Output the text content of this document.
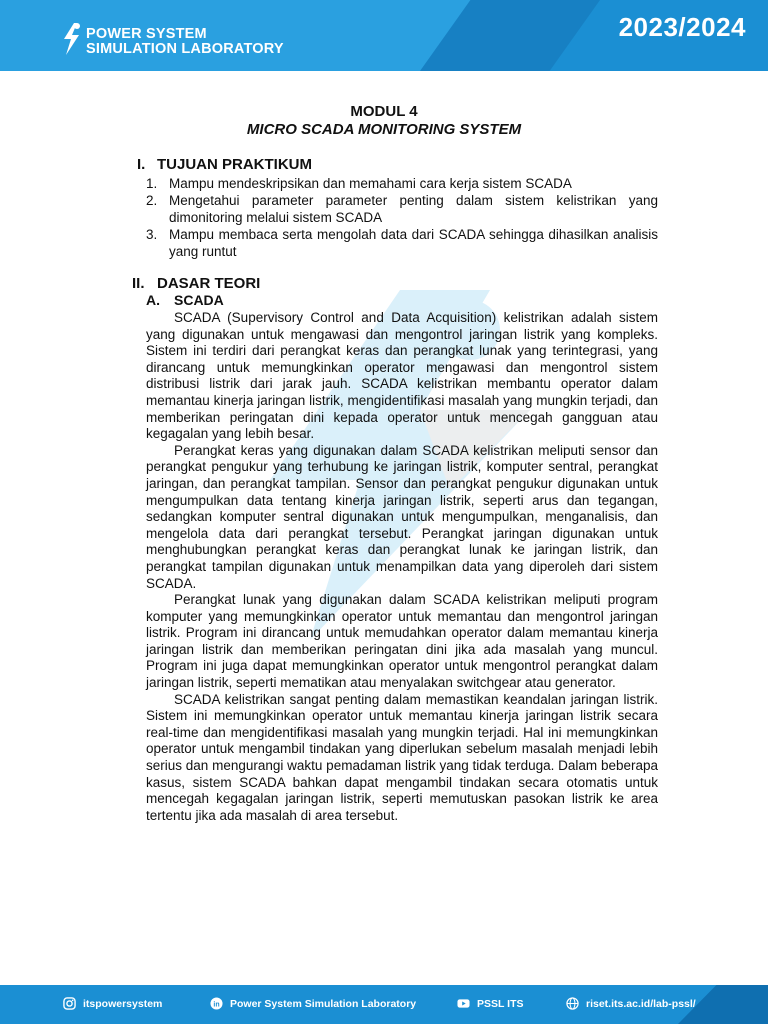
POWER SYSTEM
SIMULATION LABORATORY
2023/2024
MODUL 4
MICRO SCADA MONITORING SYSTEM
I. TUJUAN PRAKTIKUM
1. Mampu mendeskripsikan dan memahami cara kerja sistem SCADA
2. Mengetahui parameter parameter penting dalam sistem kelistrikan yang dimonitoring melalui sistem SCADA
3. Mampu membaca serta mengolah data dari SCADA sehingga dihasilkan analisis yang runtut
II. DASAR TEORI
A. SCADA

SCADA (Supervisory Control and Data Acquisition) kelistrikan adalah sistem yang digunakan untuk mengawasi dan mengontrol jaringan listrik yang kompleks. Sistem ini terdiri dari perangkat keras dan perangkat lunak yang terintegrasi, yang dirancang untuk memungkinkan operator mengawasi dan mengontrol sistem distribusi listrik dari jarak jauh. SCADA kelistrikan membantu operator dalam memantau kinerja jaringan listrik, mengidentifikasi masalah yang mungkin terjadi, dan memberikan peringatan dini kepada operator untuk mencegah gangguan atau kegagalan yang lebih besar.

Perangkat keras yang digunakan dalam SCADA kelistrikan meliputi sensor dan perangkat pengukur yang terhubung ke jaringan listrik, komputer sentral, perangkat jaringan, dan perangkat tampilan. Sensor dan perangkat pengukur digunakan untuk mengumpulkan data tentang kinerja jaringan listrik, seperti arus dan tegangan, sedangkan komputer sentral digunakan untuk mengumpulkan, menganalisis, dan mengelola data dari perangkat tersebut. Perangkat jaringan digunakan untuk menghubungkan perangkat keras dan perangkat lunak ke jaringan listrik, dan perangkat tampilan digunakan untuk menampilkan data yang diperoleh dari sistem SCADA.

Perangkat lunak yang digunakan dalam SCADA kelistrikan meliputi program komputer yang memungkinkan operator untuk memantau dan mengontrol jaringan listrik. Program ini dirancang untuk memudahkan operator dalam memantau kinerja jaringan listrik dan memberikan peringatan dini jika ada masalah yang muncul. Program ini juga dapat memungkinkan operator untuk mengontrol perangkat dalam jaringan listrik, seperti mematikan atau menyalakan switchgear atau generator.

SCADA kelistrikan sangat penting dalam memastikan keandalan jaringan listrik. Sistem ini memungkinkan operator untuk memantau kinerja jaringan listrik secara real-time dan mengidentifikasi masalah yang mungkin terjadi. Hal ini memungkinkan operator untuk mengambil tindakan yang diperlukan sebelum masalah menjadi lebih serius dan mengurangi waktu pemadaman listrik yang tidak terduga. Dalam beberapa kasus, sistem SCADA bahkan dapat mengambil tindakan secara otomatis untuk mencegah kegagalan jaringan listrik, seperti memutuskan pasokan listrik ke area tertentu jika ada masalah di area tersebut.

itspowersystem	in Power System Simulation Laboratory	PSSL ITS	riset.its.ac.id/lab-pssl/
